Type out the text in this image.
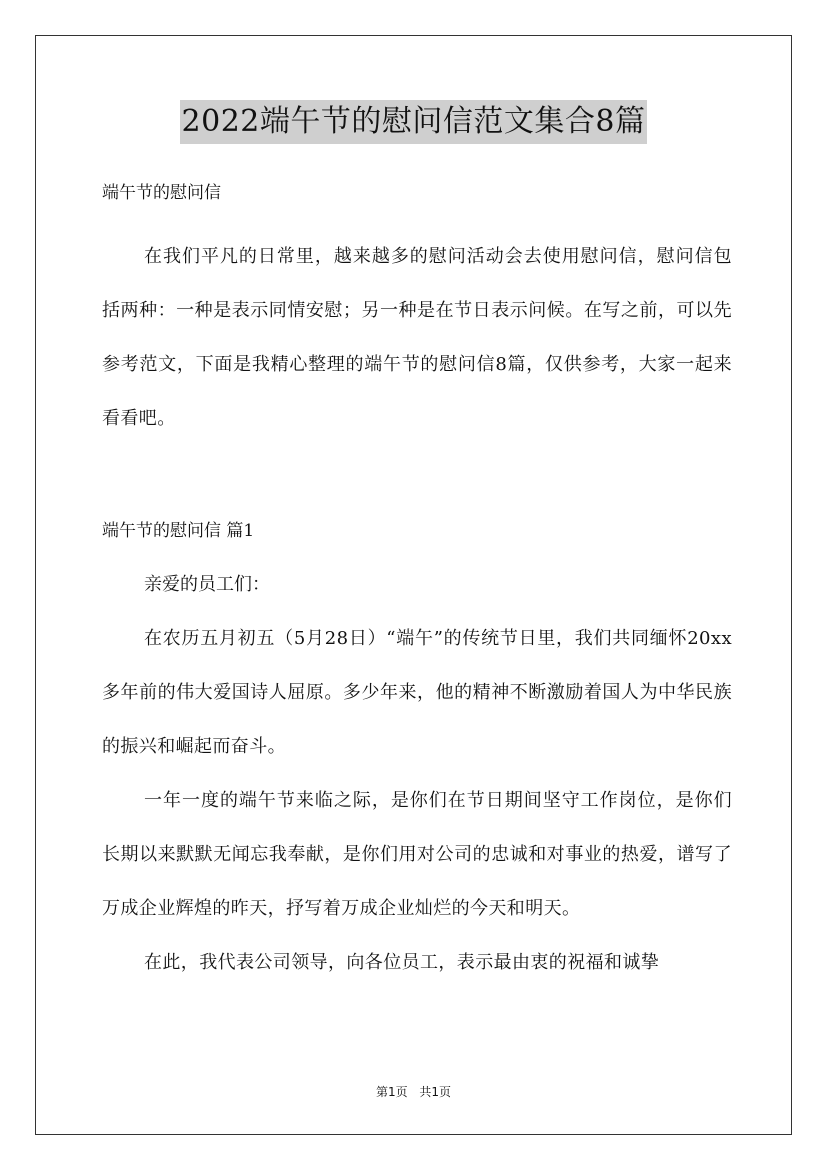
2022端午节的慰问信范文集合8篇

端午节的慰问信

在我们平凡的日常里，越来越多的慰问活动会去使用慰问信，慰问信包括两种：一种是表示同情安慰；另一种是在节日表示问候。在写之前，可以先参考范文，下面是我精心整理的端午节的慰问信8篇，仅供参考，大家一起来看看吧。

端午节的慰问信 篇1

亲爱的员工们：

在农历五月初五（5月28日）“端午”的传统节日里，我们共同缅怀20xx多年前的伟大爱国诗人屈原。多少年来，他的精神不断激励着国人为中华民族的振兴和崛起而奋斗。

一年一度的端午节来临之际，是你们在节日期间坚守工作岗位，是你们长期以来默默无闻忘我奉献，是你们用对公司的忠诚和对事业的热爱，谱写了万成企业辉煌的昨天，抒写着万成企业灿烂的今天和明天。

在此，我代表公司领导，向各位员工，表示最由衷的祝福和诚挚

第1页 共1页
